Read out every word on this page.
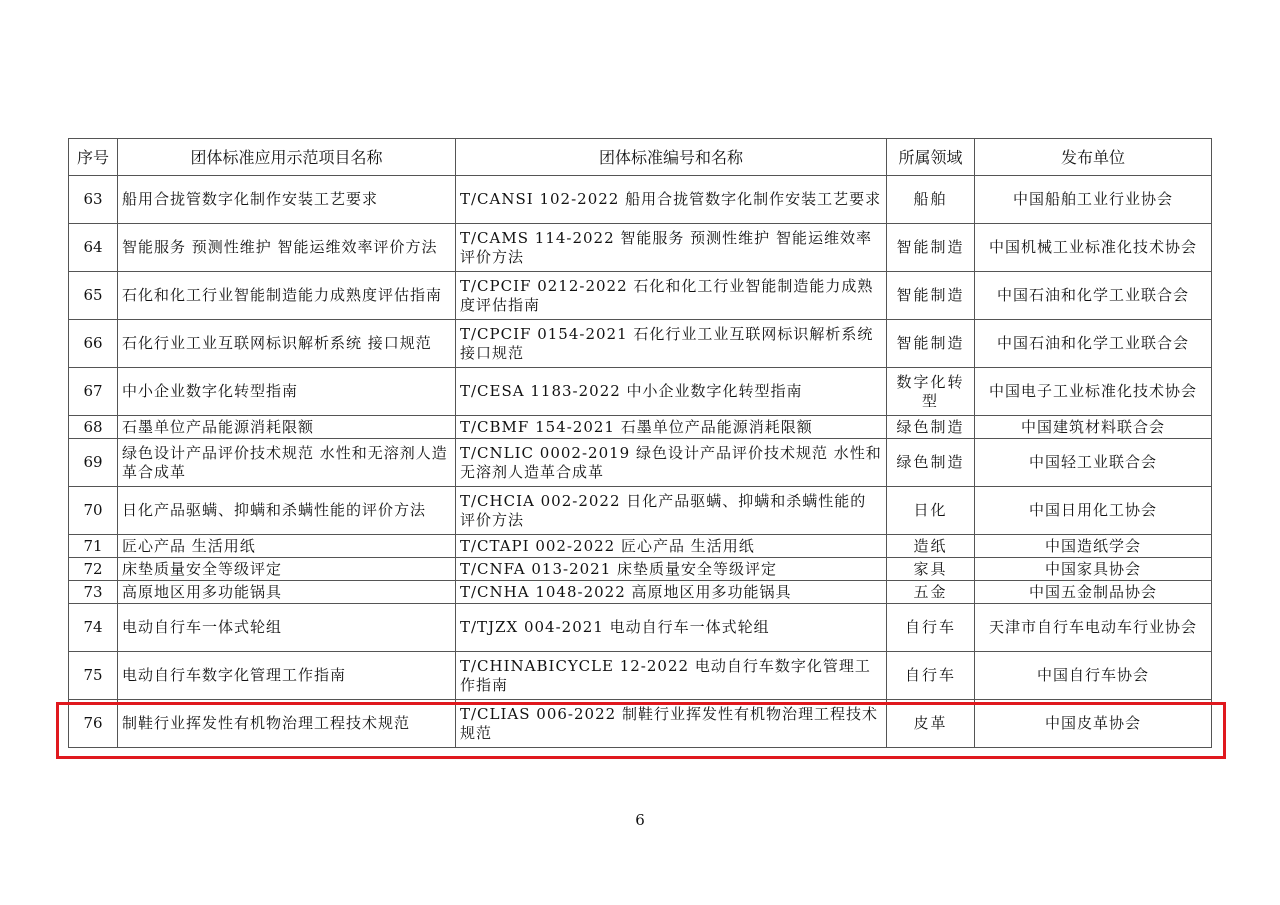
序号	团体标准应用示范项目名称	团体标准编号和名称	所属领域	发布单位
63	船用合拢管数字化制作安装工艺要求	T/CANSI 102-2022 船用合拢管数字化制作安装工艺要求	船舶	中国船舶工业行业协会
64	智能服务 预测性维护 智能运维效率评价方法	T/CAMS 114-2022 智能服务 预测性维护 智能运维效率评价方法	智能制造	中国机械工业标准化技术协会
65	石化和化工行业智能制造能力成熟度评估指南	T/CPCIF 0212-2022 石化和化工行业智能制造能力成熟度评估指南	智能制造	中国石油和化学工业联合会
66	石化行业工业互联网标识解析系统 接口规范	T/CPCIF 0154-2021 石化行业工业互联网标识解析系统 接口规范	智能制造	中国石油和化学工业联合会
67	中小企业数字化转型指南	T/CESA 1183-2022 中小企业数字化转型指南	数字化转型	中国电子工业标准化技术协会
68	石墨单位产品能源消耗限额	T/CBMF 154-2021 石墨单位产品能源消耗限额	绿色制造	中国建筑材料联合会
69	绿色设计产品评价技术规范 水性和无溶剂人造革合成革	T/CNLIC 0002-2019 绿色设计产品评价技术规范 水性和无溶剂人造革合成革	绿色制造	中国轻工业联合会
70	日化产品驱螨、抑螨和杀螨性能的评价方法	T/CHCIA 002-2022 日化产品驱螨、抑螨和杀螨性能的评价方法	日化	中国日用化工协会
71	匠心产品 生活用纸	T/CTAPI 002-2022 匠心产品 生活用纸	造纸	中国造纸学会
72	床垫质量安全等级评定	T/CNFA 013-2021 床垫质量安全等级评定	家具	中国家具协会
73	高原地区用多功能锅具	T/CNHA 1048-2022 高原地区用多功能锅具	五金	中国五金制品协会
74	电动自行车一体式轮组	T/TJZX 004-2021 电动自行车一体式轮组	自行车	天津市自行车电动车行业协会
75	电动自行车数字化管理工作指南	T/CHINABICYCLE 12-2022 电动自行车数字化管理工作指南	自行车	中国自行车协会
76	制鞋行业挥发性有机物治理工程技术规范	T/CLIAS 006-2022 制鞋行业挥发性有机物治理工程技术规范	皮革	中国皮革协会
6
